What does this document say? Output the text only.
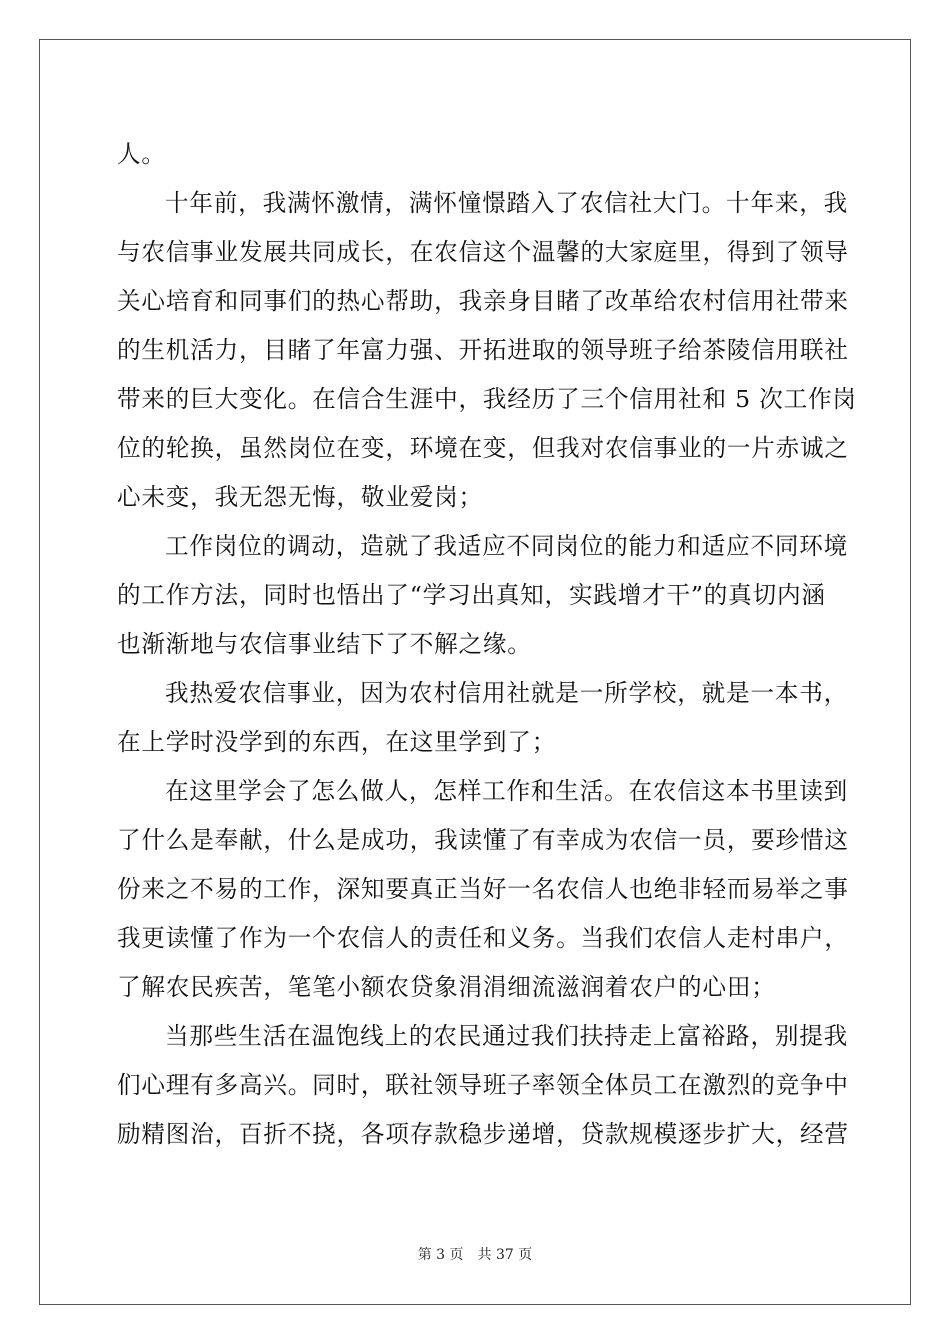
人。
十年前，我满怀激情，满怀憧憬踏入了农信社大门。十年来，我
与农信事业发展共同成长，在农信这个温馨的大家庭里，得到了领导
关心培育和同事们的热心帮助，我亲身目睹了改革给农村信用社带来
的生机活力，目睹了年富力强、开拓进取的领导班子给茶陵信用联社
带来的巨大变化。在信合生涯中，我经历了三个信用社和 5 次工作岗
位的轮换，虽然岗位在变，环境在变，但我对农信事业的一片赤诚之
心未变，我无怨无悔，敬业爱岗；
工作岗位的调动，造就了我适应不同岗位的能力和适应不同环境
的工作方法，同时也悟出了“学习出真知，实践增才干”的真切内涵
也渐渐地与农信事业结下了不解之缘。
我热爱农信事业，因为农村信用社就是一所学校，就是一本书，
在上学时没学到的东西，在这里学到了；
在这里学会了怎么做人，怎样工作和生活。在农信这本书里读到
了什么是奉献，什么是成功，我读懂了有幸成为农信一员，要珍惜这
份来之不易的工作，深知要真正当好一名农信人也绝非轻而易举之事
我更读懂了作为一个农信人的责任和义务。当我们农信人走村串户，
了解农民疾苦，笔笔小额农贷象涓涓细流滋润着农户的心田；
当那些生活在温饱线上的农民通过我们扶持走上富裕路，别提我
们心理有多高兴。同时，联社领导班子率领全体员工在激烈的竞争中
励精图治，百折不挠，各项存款稳步递增，贷款规模逐步扩大，经营
第 3 页 共 37 页
